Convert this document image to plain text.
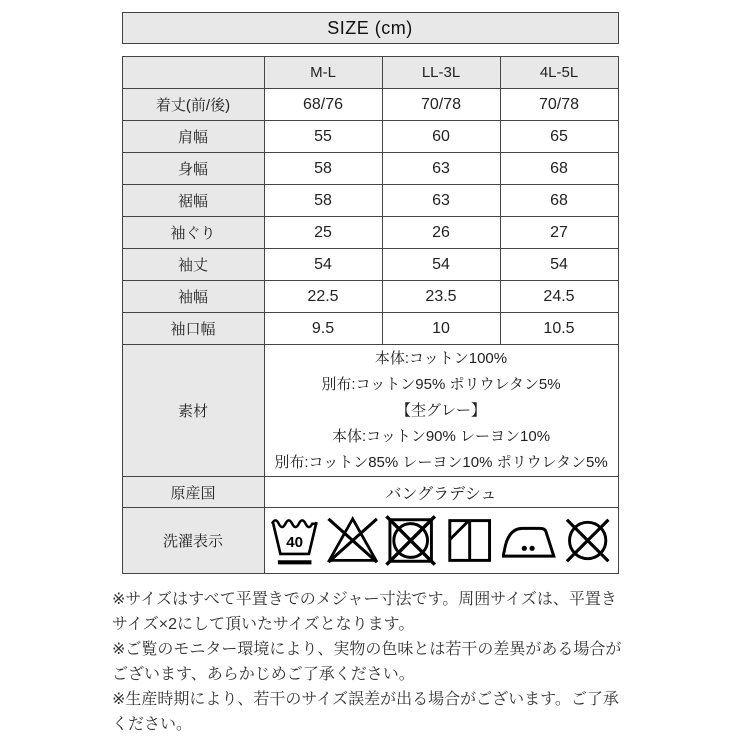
SIZE (cm)
	M-L	LL-3L	4L-5L
着丈(前/後)	68/76	70/78	70/78
肩幅	55	60	65
身幅	58	63	68
裾幅	58	63	68
袖ぐり	25	26	27
袖丈	54	54	54
袖幅	22.5	23.5	24.5
袖口幅	9.5	10	10.5
素材	本体:コットン100%
別布:コットン95% ポリウレタン5%
【杢グレー】
本体:コットン90% レーヨン10%
別布:コットン85% レーヨン10% ポリウレタン5%		

原産国	バングラデシュ		
洗濯表示	40		

※サイズはすべて平置きでのメジャー寸法です。周囲サイズは、平置きサイズ×2にして頂いたサイズとなります。

※ご覧のモニター環境により、実物の色味とは若干の差異がある場合がございます、あらかじめご了承ください。

※生産時期により、若干のサイズ誤差が出る場合がございます。ご了承ください。
